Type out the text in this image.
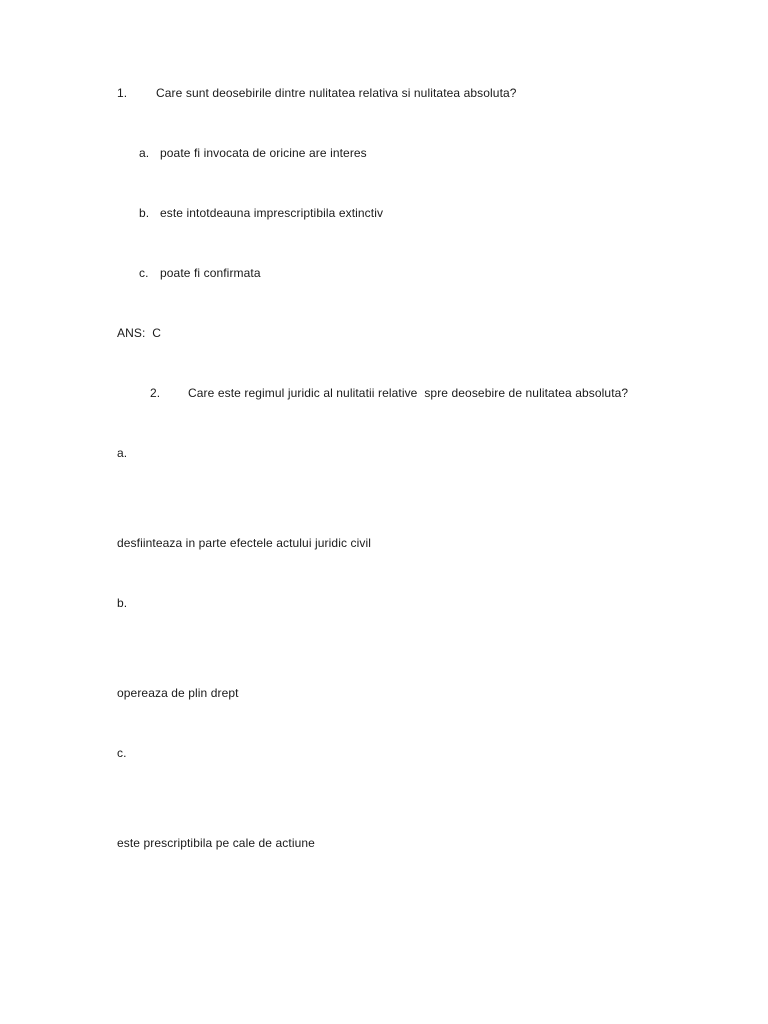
1. Care sunt deosebirile dintre nulitatea relativa si nulitatea absoluta?
a. poate fi invocata de oricine are interes
b. este intotdeauna imprescriptibila extinctiv
c. poate fi confirmata
ANS:  C
2. Care este regimul juridic al nulitatii relative  spre deosebire de nulitatea absoluta?
a.
desfiinteaza in parte efectele actului juridic civil
b.
opereaza de plin drept
c.
este prescriptibila pe cale de actiune
